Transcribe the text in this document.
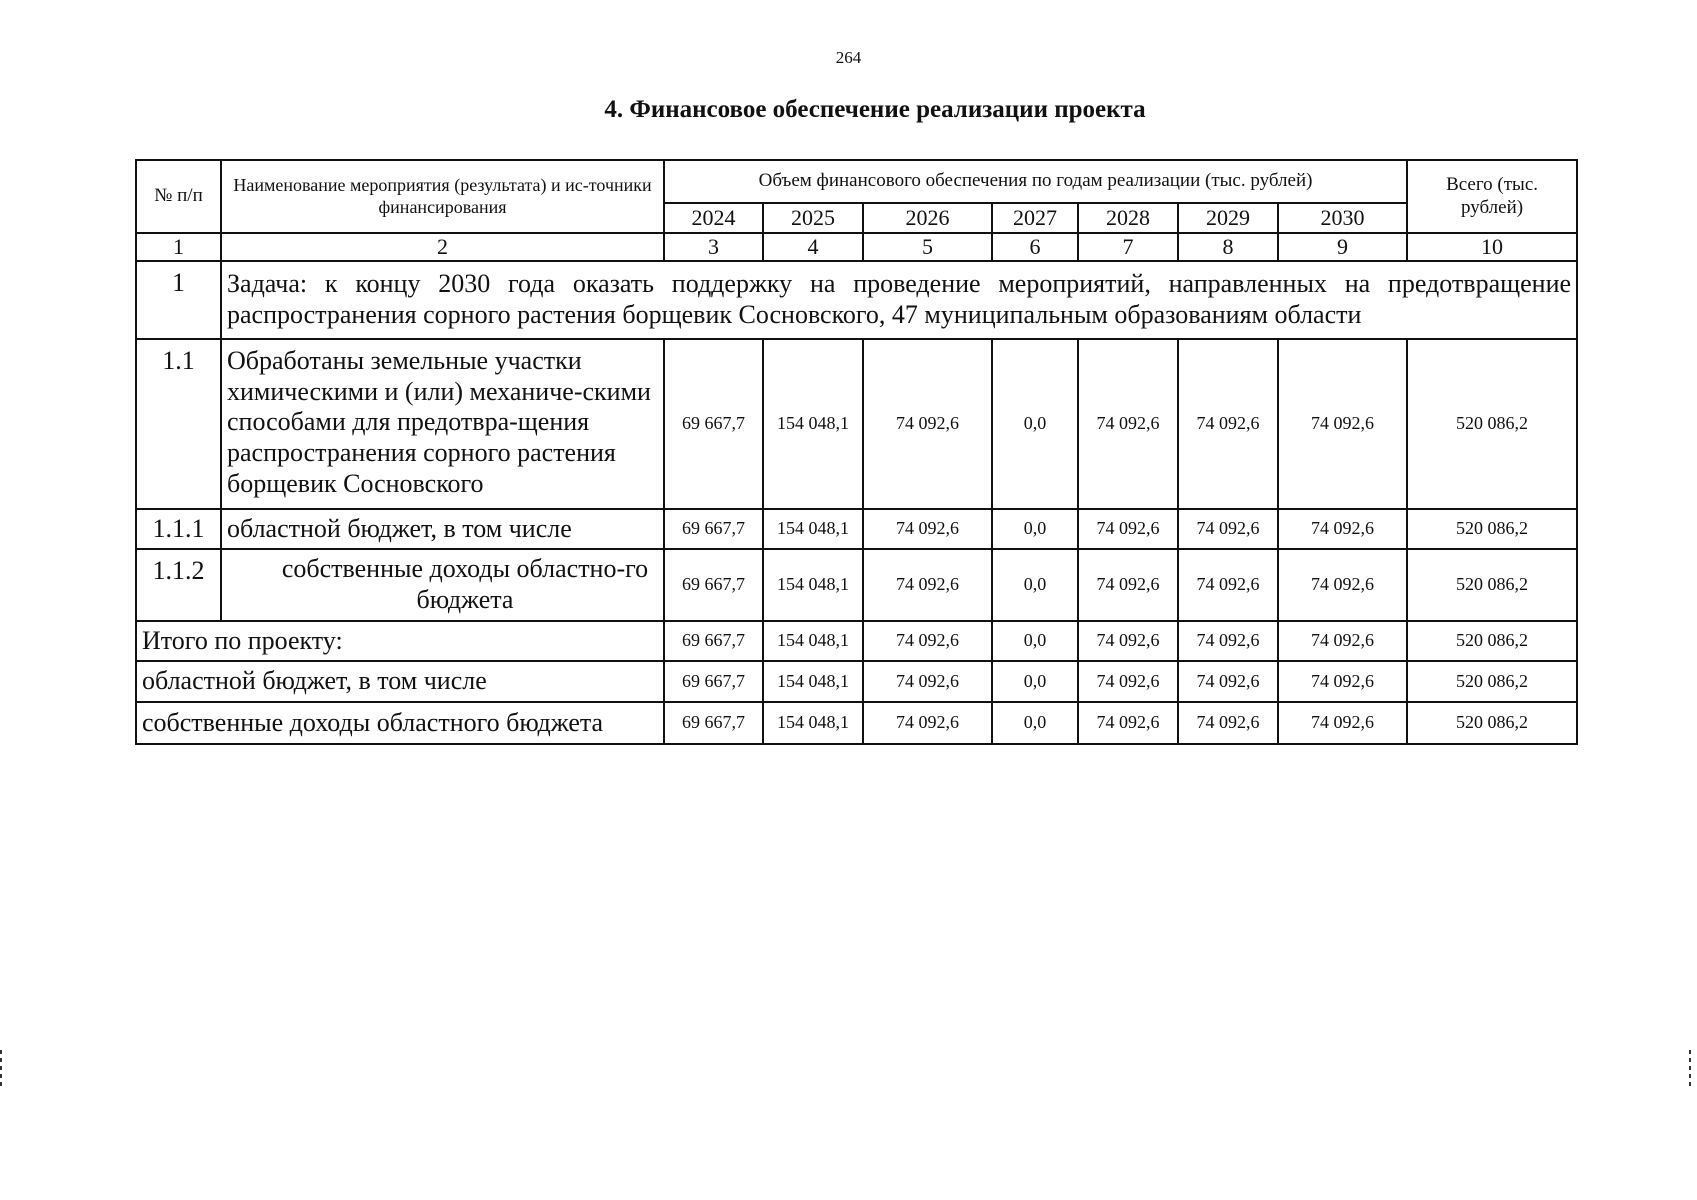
264
4. Финансовое обеспечение реализации проекта
№ п/п	Наименование мероприятия (результата) и ис-точники финансирования	Объем финансового обеспечения по годам реализации (тыс. рублей)							Всего (тыс. рублей)
		2024	2025	2026	2027	2028	2029	2030	
1	2	3	4	5	6	7	8	9	10
1	Задача: к концу 2030 года оказать поддержку на проведение мероприятий, направленных на предотвращение распространения сорного растения борщевик Сосновского, 47 муниципальным образованиям области								
1.1	Обработаны земельные участки химическими и (или) механиче-скими способами для предотвра-щения распространения сорного растения борщевик Сосновского	69 667,7	154 048,1	74 092,6	0,0	74 092,6	74 092,6	74 092,6	520 086,2
1.1.1	областной бюджет, в том числе	69 667,7	154 048,1	74 092,6	0,0	74 092,6	74 092,6	74 092,6	520 086,2
1.1.2	собственные доходы областно-го бюджета	69 667,7	154 048,1	74 092,6	0,0	74 092,6	74 092,6	74 092,6	520 086,2
Итого по проекту:		69 667,7	154 048,1	74 092,6	0,0	74 092,6	74 092,6	74 092,6	520 086,2
областной бюджет, в том числе		69 667,7	154 048,1	74 092,6	0,0	74 092,6	74 092,6	74 092,6	520 086,2
собственные доходы областного бюджета		69 667,7	154 048,1	74 092,6	0,0	74 092,6	74 092,6	74 092,6	520 086,2
